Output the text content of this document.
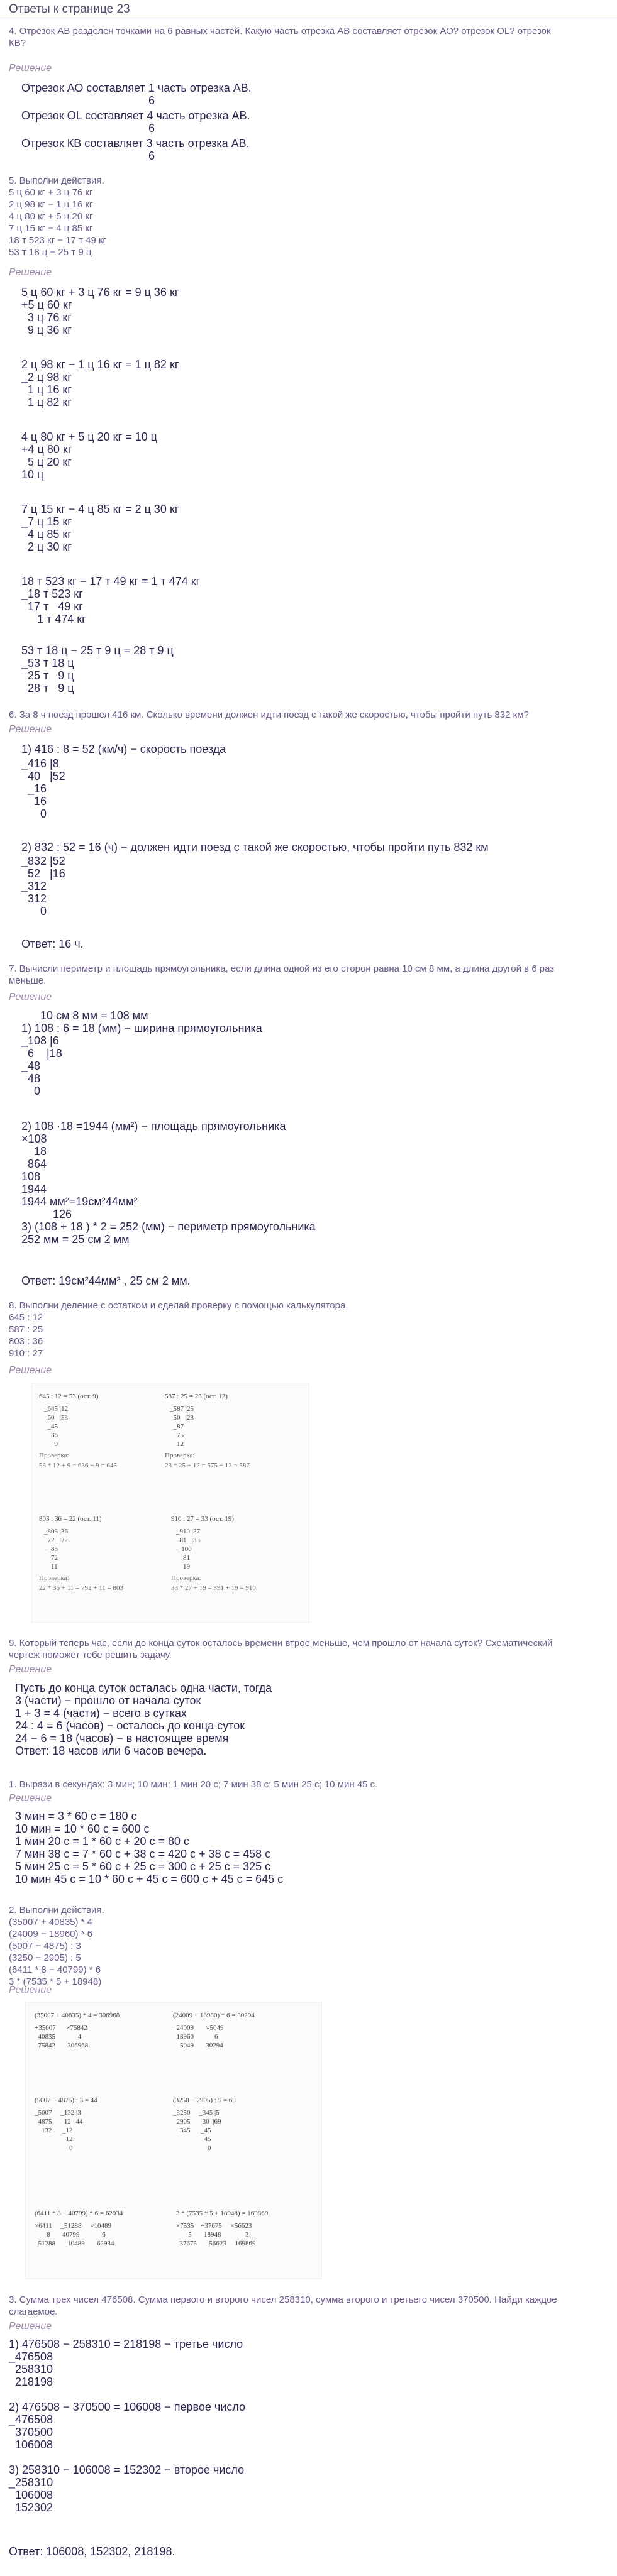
Ответы к странице 23
4. Отрезок АВ разделен точками на 6 равных частей. Какую часть отрезка АВ составляет отрезок АО? отрезок OL? отрезок
КВ?
Решение
Отрезок АО составляет 1 часть отрезка АВ.
6
Отрезок OL составляет 4 часть отрезка АВ.
6
Отрезок КВ составляет 3 часть отрезка АВ.
6
5. Выполни действия.
5 ц 60 кг + 3 ц 76 кг
2 ц 98 кг − 1 ц 16 кг
4 ц 80 кг + 5 ц 20 кг
7 ц 15 кг − 4 ц 85 кг
18 т 523 кг − 17 т 49 кг
53 т 18 ц − 25 т 9 ц
Решение
5 ц 60 кг + 3 ц 76 кг = 9 ц 36 кг
+5 ц 60 кг
3 ц 76 кг
9 ц 36 кг
2 ц 98 кг − 1 ц 16 кг = 1 ц 82 кг
_2 ц 98 кг
1 ц 16 кг
1 ц 82 кг
4 ц 80 кг + 5 ц 20 кг = 10 ц
+4 ц 80 кг
5 ц 20 кг
10 ц
7 ц 15 кг − 4 ц 85 кг = 2 ц 30 кг
_7 ц 15 кг
4 ц 85 кг
2 ц 30 кг
18 т 523 кг − 17 т 49 кг = 1 т 474 кг
_18 т 523 кг
17 т   49 кг
1 т 474 кг
53 т 18 ц − 25 т 9 ц = 28 т 9 ц
_53 т 18 ц
25 т   9 ц
28 т   9 ц
6. За 8 ч поезд прошел 416 км. Сколько времени должен идти поезд с такой же скоростью, чтобы пройти путь 832 км?
Решение
1) 416 : 8 = 52 (км/ч) − скорость поезда
_416 |8
40   |52
_16
16
0
2) 832 : 52 = 16 (ч) − должен идти поезд с такой же скоростью, чтобы пройти путь 832 км
_832 |52
52   |16
_312
312
0
Ответ: 16 ч.
7. Вычисли периметр и площадь прямоугольника, если длина одной из его сторон равна 10 см 8 мм, а длина другой в 6 раз
меньше.
Решение
10 см 8 мм = 108 мм
1) 108 : 6 = 18 (мм) − ширина прямоугольника
_108 |6
6    |18
_48
48
0
2) 108 ·18 =1944 (мм²) − площадь прямоугольника
×108
18
864
108
1944
1944 мм²=19см²44мм²
126
3) (108 + 18 ) * 2 = 252 (мм) − периметр прямоугольника
252 мм = 25 см 2 мм
Ответ: 19см²44мм² , 25 см 2 мм.
8. Выполни деление с остатком и сделай проверку с помощью калькулятора.
645 : 12
587 : 25
803 : 36
910 : 27
Решение
645 : 12 = 53 (ост. 9)
_645 |12
60   |53
_45
36
9
Проверка:
53 * 12 + 9 = 636 + 9 = 645
587 : 25 = 23 (ост. 12)
_587 |25
50   |23
_87
75
12
Проверка:
23 * 25 + 12 = 575 + 12 = 587
803 : 36 = 22 (ост. 11)
_803 |36
72   |22
_83
72
11
Проверка:
22 * 36 + 11 = 792 + 11 = 803
910 : 27 = 33 (ост. 19)
_910 |27
81   |33
_100
81
19
Проверка:
33 * 27 + 19 = 891 + 19 = 910
9. Который теперь час, если до конца суток осталось времени втрое меньше, чем прошло от начала суток? Схематический
чертеж поможет тебе решить задачу.
Решение
Пусть до конца суток осталась одна части, тогда
3 (части) − прошло от начала суток
1 + 3 = 4 (части) − всего в сутках
24 : 4 = 6 (часов) − осталось до конца суток
24 − 6 = 18 (часов) − в настоящее время
Ответ: 18 часов или 6 часов вечера.
1. Вырази в секундах: 3 мин; 10 мин; 1 мин 20 с; 7 мин 38 с; 5 мин 25 с; 10 мин 45 с.
Решение
3 мин = 3 * 60 с = 180 с
10 мин = 10 * 60 с = 600 с
1 мин 20 с = 1 * 60 с + 20 с = 80 с
7 мин 38 с = 7 * 60 с + 38 с = 420 с + 38 с = 458 с
5 мин 25 с = 5 * 60 с + 25 с = 300 с + 25 с = 325 с
10 мин 45 с = 10 * 60 с + 45 с = 600 с + 45 с = 645 с
2. Выполни действия.
(35007 + 40835) * 4
(24009 − 18960) * 6
(5007 − 4875) : 3
(3250 − 2905) : 5
(6411 * 8 − 40799) * 6
3 * (7535 * 5 + 18948)
Решение
(35007 + 40835) * 4 = 306968
+35007      ×75842
40835             4
75842       306968
(24009 − 18960) * 6 = 30294
_24009       ×5049
18960            6
5049       30294
(5007 − 4875) : 3 = 44
_5007     _132 |3
4875       12  |44
132      _12
12
0
(3250 − 2905) : 5 = 69
_3250     _345 |5
2905       30  |69
345      _45
45
0
(6411 * 8 − 40799) * 6 = 62934
×6411     _51288     ×10489
8       40799             6
51288       10489       62934
3 * (7535 * 5 + 18948) = 169869
×7535    +37675     ×56623
5       18948              3
37675       56623     169869
3. Сумма трех чисел 476508. Сумма первого и второго чисел 258310, сумма второго и третьего чисел 370500. Найди каждое
слагаемое.
Решение
1) 476508 − 258310 = 218198 − третье число
_476508
258310
218198
2) 476508 − 370500 = 106008 − первое число
_476508
370500
106008
3) 258310 − 106008 = 152302 − второе число
_258310
106008
152302
Ответ: 106008, 152302, 218198.
